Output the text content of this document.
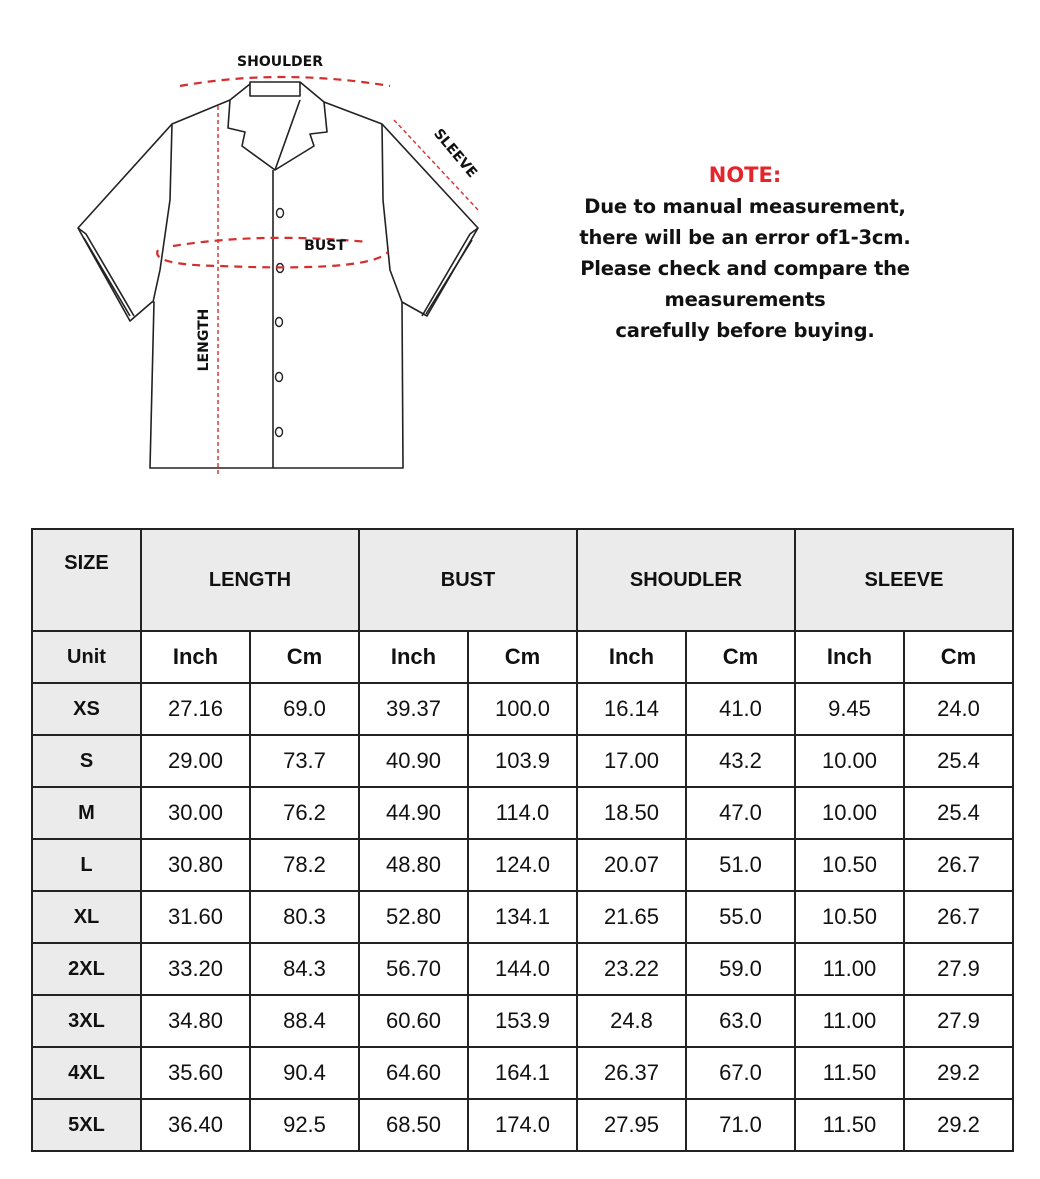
SHOULDER
BUST
SLEEVE
LENGTH
NOTE:
Due to manual measurement,
there will be an error of1-3cm.
Please check and compare the measurements
carefully before buying.
SIZE	LENGTH		BUST		SHOUDLER		SLEEVE	
Unit	Inch	Cm	Inch	Cm	Inch	Cm	Inch	Cm
XS	27.16	69.0	39.37	100.0	16.14	41.0	9.45	24.0
S	29.00	73.7	40.90	103.9	17.00	43.2	10.00	25.4
M	30.00	76.2	44.90	114.0	18.50	47.0	10.00	25.4
L	30.80	78.2	48.80	124.0	20.07	51.0	10.50	26.7
XL	31.60	80.3	52.80	134.1	21.65	55.0	10.50	26.7
2XL	33.20	84.3	56.70	144.0	23.22	59.0	11.00	27.9
3XL	34.80	88.4	60.60	153.9	24.8	63.0	11.00	27.9
4XL	35.60	90.4	64.60	164.1	26.37	67.0	11.50	29.2
5XL	36.40	92.5	68.50	174.0	27.95	71.0	11.50	29.2
